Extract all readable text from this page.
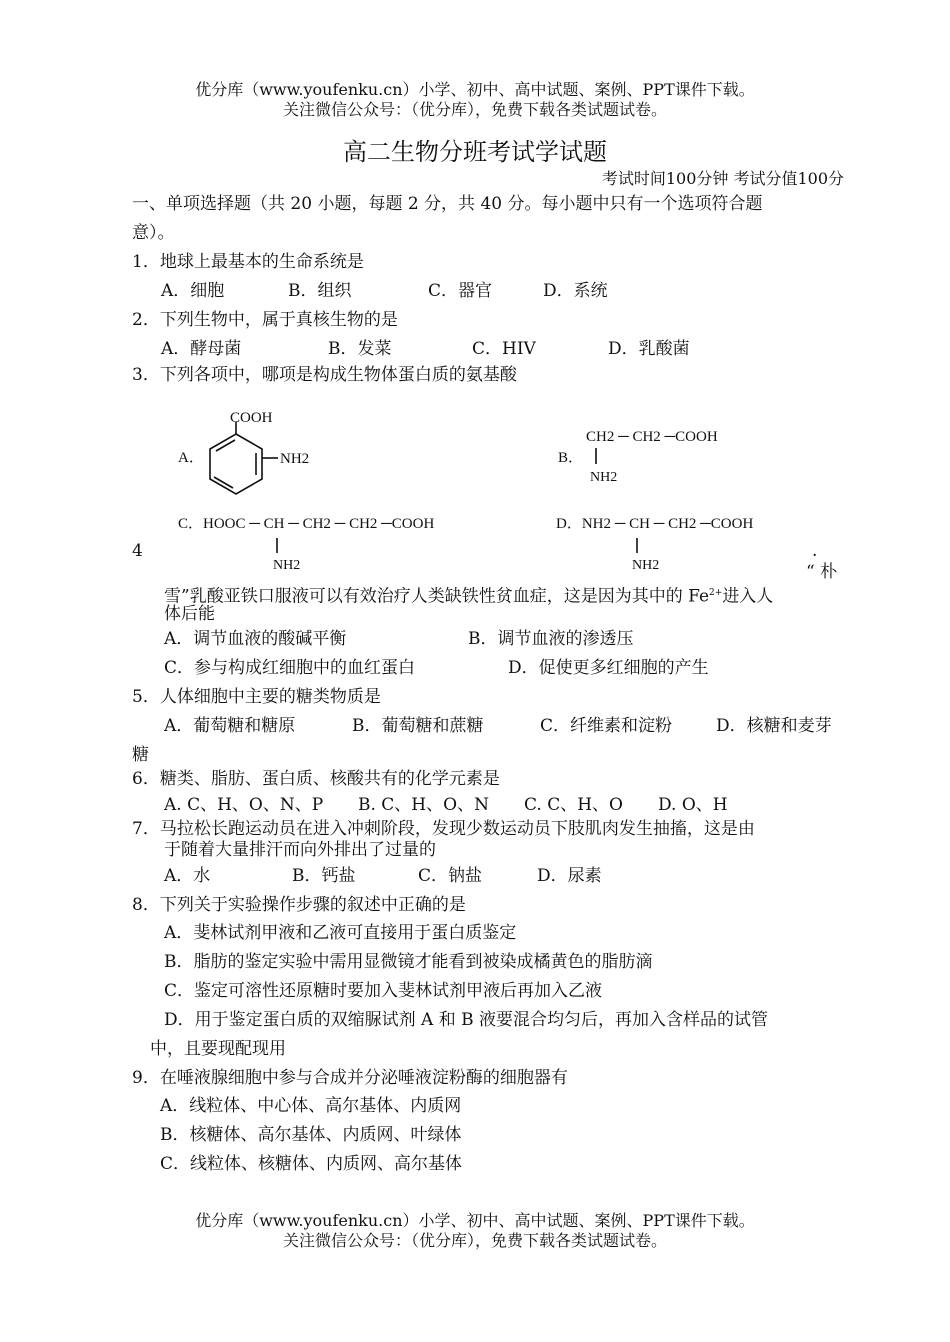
优分库（www.youfenku.cn）小学、初中、高中试题、案例、PPT课件下载。
关注微信公众号：（优分库），免费下载各类试题试卷。
高二生物分班考试学试题
考试时间100分钟 考试分值100分
一、单项选择题（共 20 小题，每题 2 分，共 40 分。每小题中只有一个选项符合题
意）。
1．地球上最基本的生命系统是
A．细胞	B．组织	C．器官	D．系统
2．下列生物中，属于真核生物的是
A．酵母菌	B．发菜	C．HIV	D．乳酸菌
3．下列各项中，哪项是构成生物体蛋白质的氨基酸
A．
COOH
NH2	B．
CH2 ─ CH2 ─COOH
NH2
C．HOOC ─ CH ─ CH2 ─ CH2 ─COOH
NH2
D．NH2 ─ CH ─ CH2 ─COOH
NH2
4	.
“ 朴
雪”乳酸亚铁口服液可以有效治疗人类缺铁性贫血症，这是因为其中的 $Fe^{2+}$进入人
体后能
A．调节血液的酸碱平衡	B．调节血液的渗透压
C．参与构成红细胞中的血红蛋白	D．促使更多红细胞的产生
5．人体细胞中主要的糖类物质是
A．葡萄糖和糖原	B．葡萄糖和蔗糖	C．纤维素和淀粉	D．核糖和麦芽
糖
6．糖类、脂肪、蛋白质、核酸共有的化学元素是
A. C、H、O、N、P B. C、H、O、N C. C、H、O D. O、H
7．马拉松长跑运动员在进入冲刺阶段，发现少数运动员下肢肌肉发生抽搐，这是由
于随着大量排汗而向外排出了过量的
A．水	B．钙盐	C．钠盐	D．尿素
8．下列关于实验操作步骤的叙述中正确的是
A．斐林试剂甲液和乙液可直接用于蛋白质鉴定
B．脂肪的鉴定实验中需用显微镜才能看到被染成橘黄色的脂肪滴
C．鉴定可溶性还原糖时要加入斐林试剂甲液后再加入乙液
D．用于鉴定蛋白质的双缩脲试剂 A 和 B 液要混合均匀后，再加入含样品的试管
中，且要现配现用
9．在唾液腺细胞中参与合成并分泌唾液淀粉酶的细胞器有
A．线粒体、中心体、高尔基体、内质网
B．核糖体、高尔基体、内质网、叶绿体
C．线粒体、核糖体、内质网、高尔基体
优分库（www.youfenku.cn）小学、初中、高中试题、案例、PPT课件下载。
关注微信公众号：（优分库），免费下载各类试题试卷。
